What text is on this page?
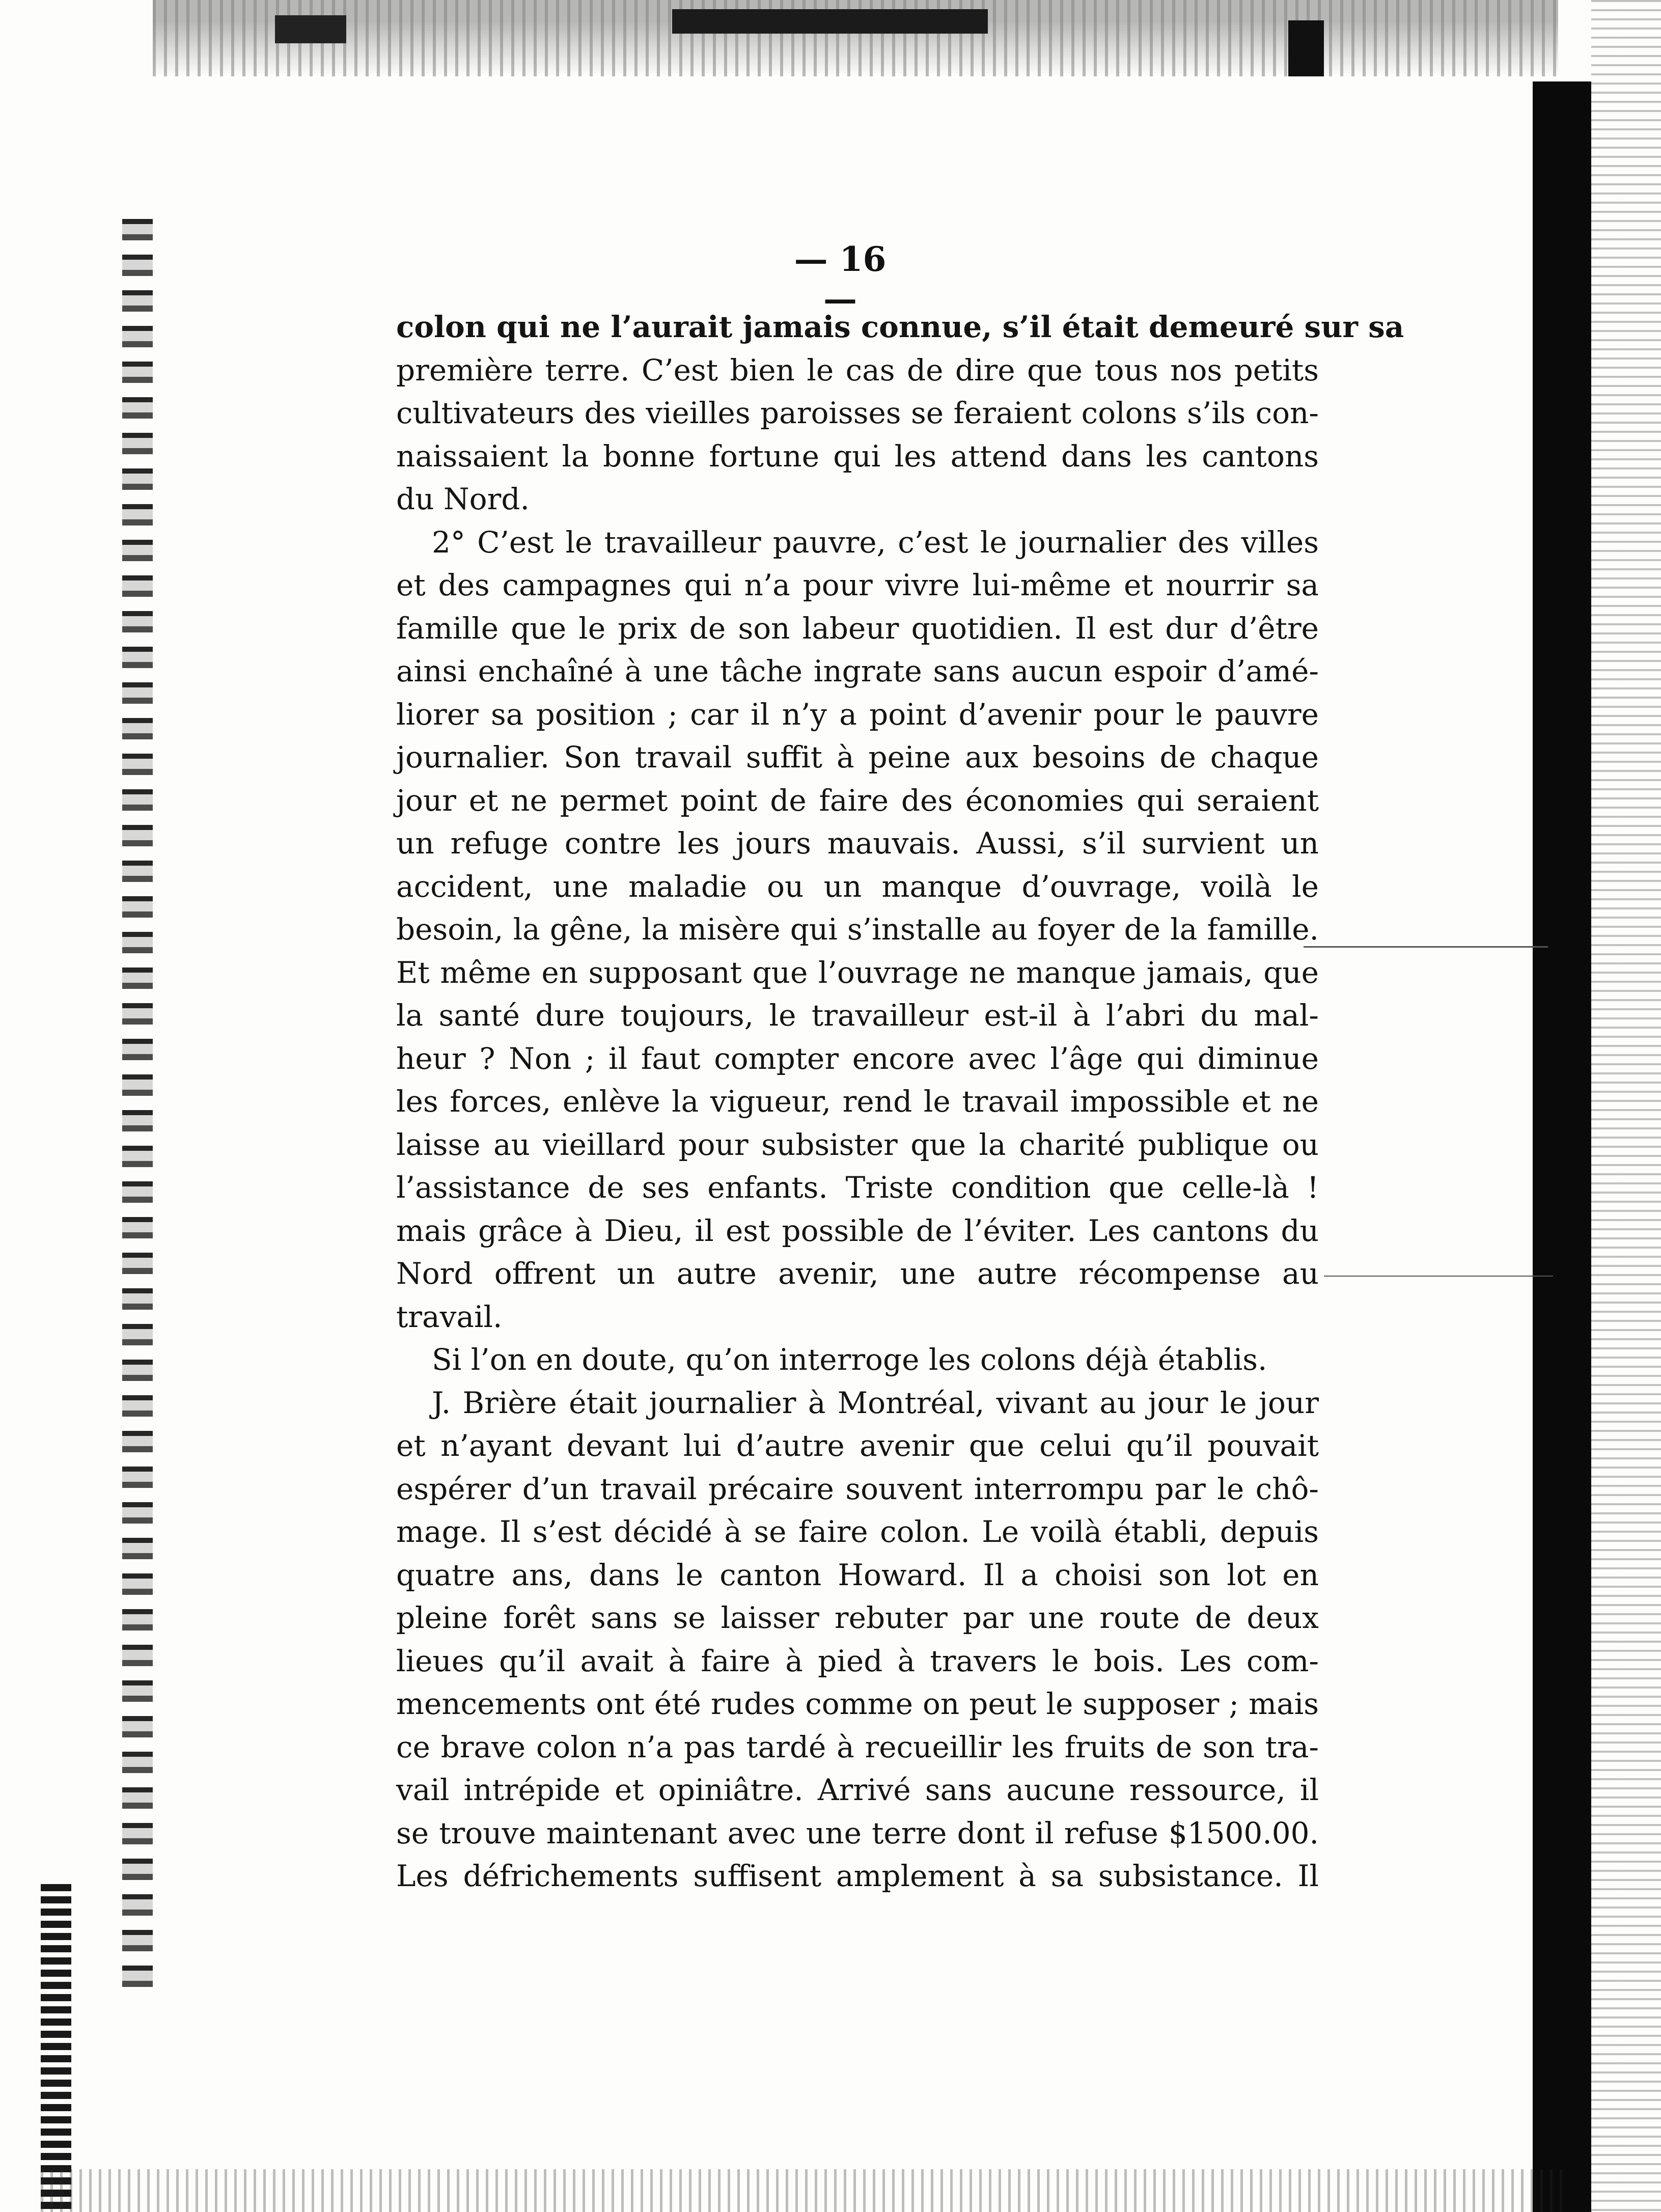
— 16 —
colon qui ne l’aurait jamais connue, s’il était demeuré sur sa
première terre. C’est bien le cas de dire que tous nos petits
cultivateurs des vieilles paroisses se feraient colons s’ils con-
naissaient la bonne fortune qui les attend dans les cantons
du Nord.
2° C’est le travailleur pauvre, c’est le journalier des villes
et des campagnes qui n’a pour vivre lui-même et nourrir sa
famille que le prix de son labeur quotidien. Il est dur d’être
ainsi enchaîné à une tâche ingrate sans aucun espoir d’amé-
liorer sa position ; car il n’y a point d’avenir pour le pauvre
journalier. Son travail suffit à peine aux besoins de chaque
jour et ne permet point de faire des économies qui seraient
un refuge contre les jours mauvais. Aussi, s’il survient un
accident, une maladie ou un manque d’ouvrage, voilà le
besoin, la gêne, la misère qui s’installe au foyer de la famille.
Et même en supposant que l’ouvrage ne manque jamais, que
la santé dure toujours, le travailleur est-il à l’abri du mal-
heur ? Non ; il faut compter encore avec l’âge qui diminue
les forces, enlève la vigueur, rend le travail impossible et ne
laisse au vieillard pour subsister que la charité publique ou
l’assistance de ses enfants. Triste condition que celle-là !
mais grâce à Dieu, il est possible de l’éviter. Les cantons du
Nord offrent un autre avenir, une autre récompense au
travail.
Si l’on en doute, qu’on interroge les colons déjà établis.
J. Brière était journalier à Montréal, vivant au jour le jour
et n’ayant devant lui d’autre avenir que celui qu’il pouvait
espérer d’un travail précaire souvent interrompu par le chô-
mage. Il s’est décidé à se faire colon. Le voilà établi, depuis
quatre ans, dans le canton Howard. Il a choisi son lot en
pleine forêt sans se laisser rebuter par une route de deux
lieues qu’il avait à faire à pied à travers le bois. Les com-
mencements ont été rudes comme on peut le supposer ; mais
ce brave colon n’a pas tardé à recueillir les fruits de son tra-
vail intrépide et opiniâtre. Arrivé sans aucune ressource, il
se trouve maintenant avec une terre dont il refuse $1500.00.
Les défrichements suffisent amplement à sa subsistance. Il
